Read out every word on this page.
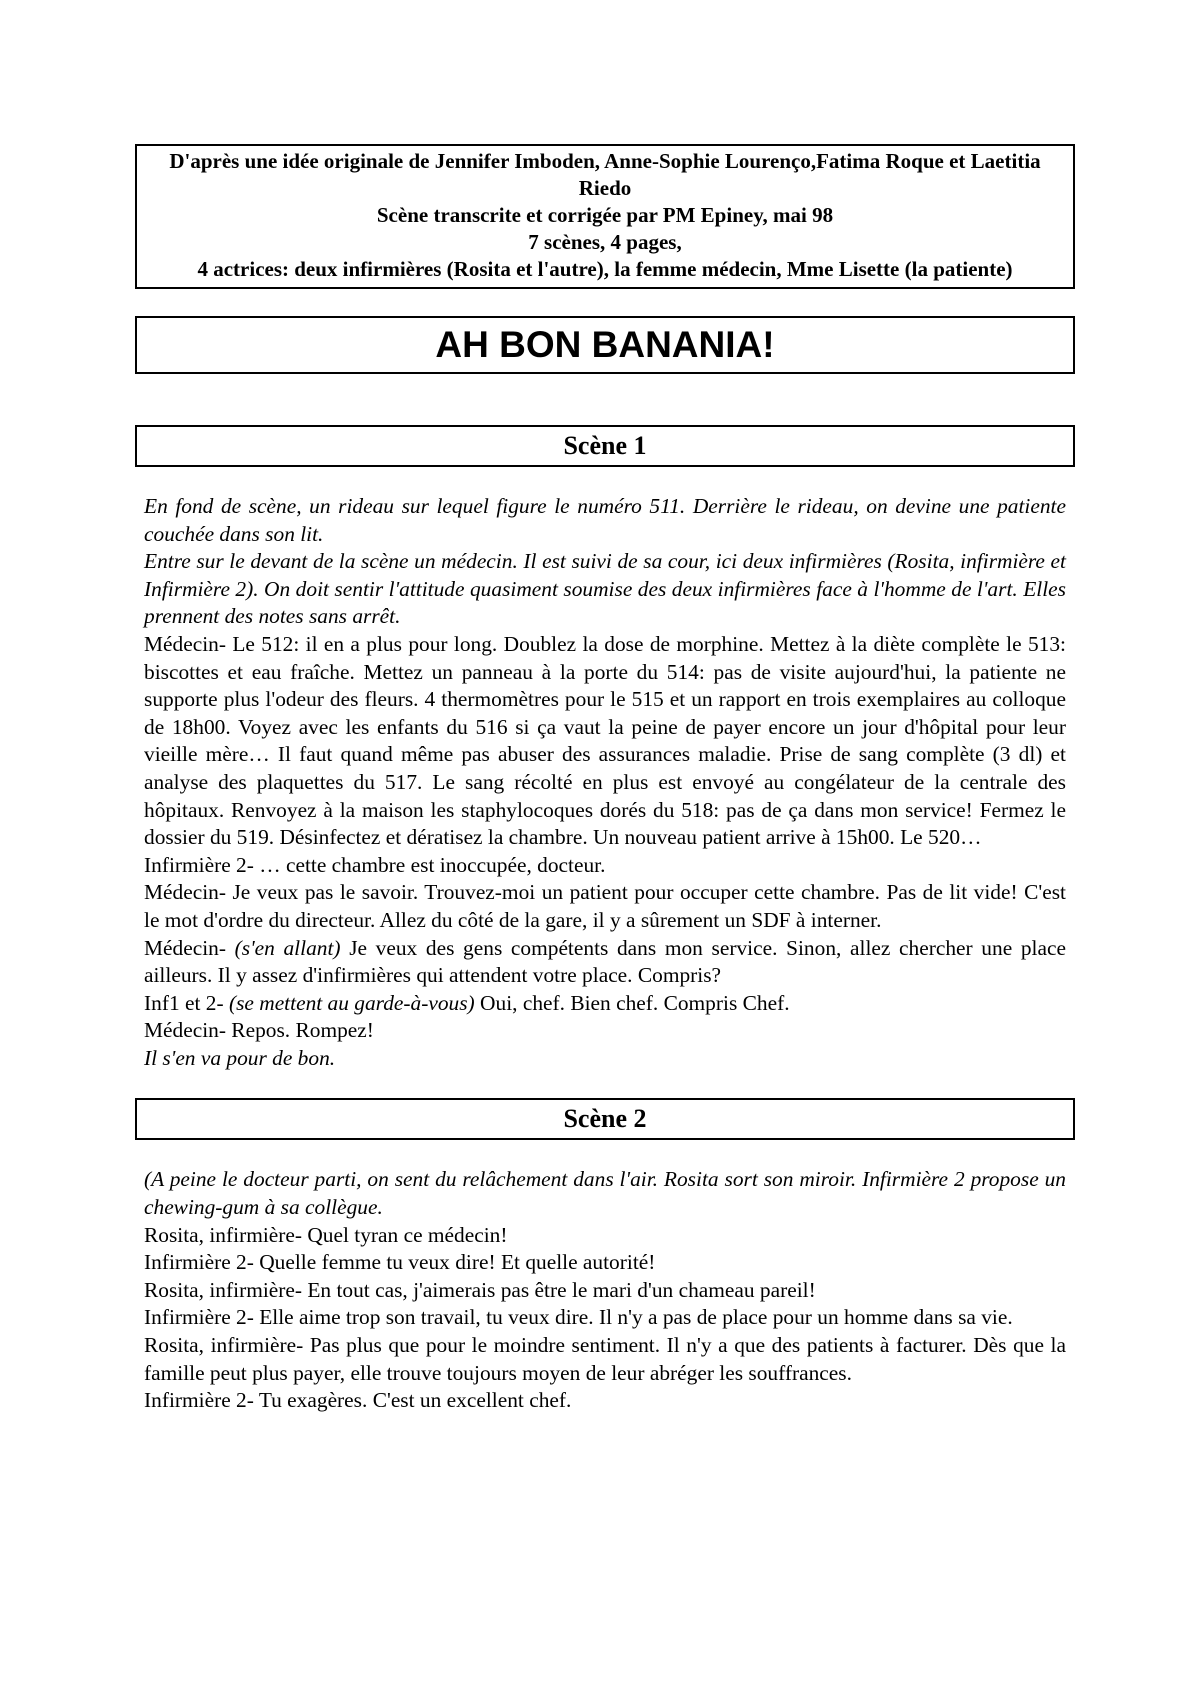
D'après une idée originale de Jennifer Imboden, Anne-Sophie Lourenço,Fatima Roque et Laetitia Riedo
Scène transcrite et corrigée par PM Epiney, mai 98
7 scènes, 4 pages,
4 actrices: deux infirmières (Rosita et l'autre), la femme médecin, Mme Lisette (la patiente)
AH BON BANANIA!
Scène 1

En fond de scène, un rideau sur lequel figure le numéro 511. Derrière le rideau, on devine une patiente couchée dans son lit.

Entre sur le devant de la scène un médecin. Il est suivi de sa cour, ici deux infirmières (Rosita, infirmière et Infirmière 2). On doit sentir l'attitude quasiment soumise des deux infirmières face à l'homme de l'art. Elles prennent des notes sans arrêt.

Médecin- Le 512: il en a plus pour long. Doublez la dose de morphine. Mettez à la diète complète le 513: biscottes et eau fraîche. Mettez un panneau à la porte du 514: pas de visite aujourd'hui, la patiente ne supporte plus l'odeur des fleurs. 4 thermomètres pour le 515 et un rapport en trois exemplaires au colloque de 18h00. Voyez avec les enfants du 516 si ça vaut la peine de payer encore un jour d'hôpital pour leur vieille mère… Il faut quand même pas abuser des assurances maladie. Prise de sang complète (3 dl) et analyse des plaquettes du 517. Le sang récolté en plus est envoyé au congélateur de la centrale des hôpitaux. Renvoyez à la maison les staphylocoques dorés du 518: pas de ça dans mon service! Fermez le dossier du 519. Désinfectez et dératisez la chambre. Un nouveau patient arrive à 15h00. Le 520…

Infirmière 2- … cette chambre est inoccupée, docteur.

Médecin- Je veux pas le savoir. Trouvez-moi un patient pour occuper cette chambre. Pas de lit vide! C'est le mot d'ordre du directeur. Allez du côté de la gare, il y a sûrement un SDF à interner.

Médecin- (s'en allant) Je veux des gens compétents dans mon service. Sinon, allez chercher une place ailleurs. Il y assez d'infirmières qui attendent votre place. Compris?

Inf1 et 2- (se mettent au garde-à-vous) Oui, chef. Bien chef. Compris Chef.

Médecin- Repos. Rompez!

Il s'en va pour de bon.

Scène 2

(A peine le docteur parti, on sent du relâchement dans l'air. Rosita sort son miroir. Infirmière 2 propose un chewing-gum à sa collègue.

Rosita, infirmière- Quel tyran ce médecin!

Infirmière 2- Quelle femme tu veux dire! Et quelle autorité!

Rosita, infirmière- En tout cas, j'aimerais pas être le mari d'un chameau pareil!

Infirmière 2- Elle aime trop son travail, tu veux dire. Il n'y a pas de place pour un homme dans sa vie.

Rosita, infirmière- Pas plus que pour le moindre sentiment. Il n'y a que des patients à facturer. Dès que la famille peut plus payer, elle trouve toujours moyen de leur abréger les souffrances.

Infirmière 2- Tu exagères. C'est un excellent chef.
